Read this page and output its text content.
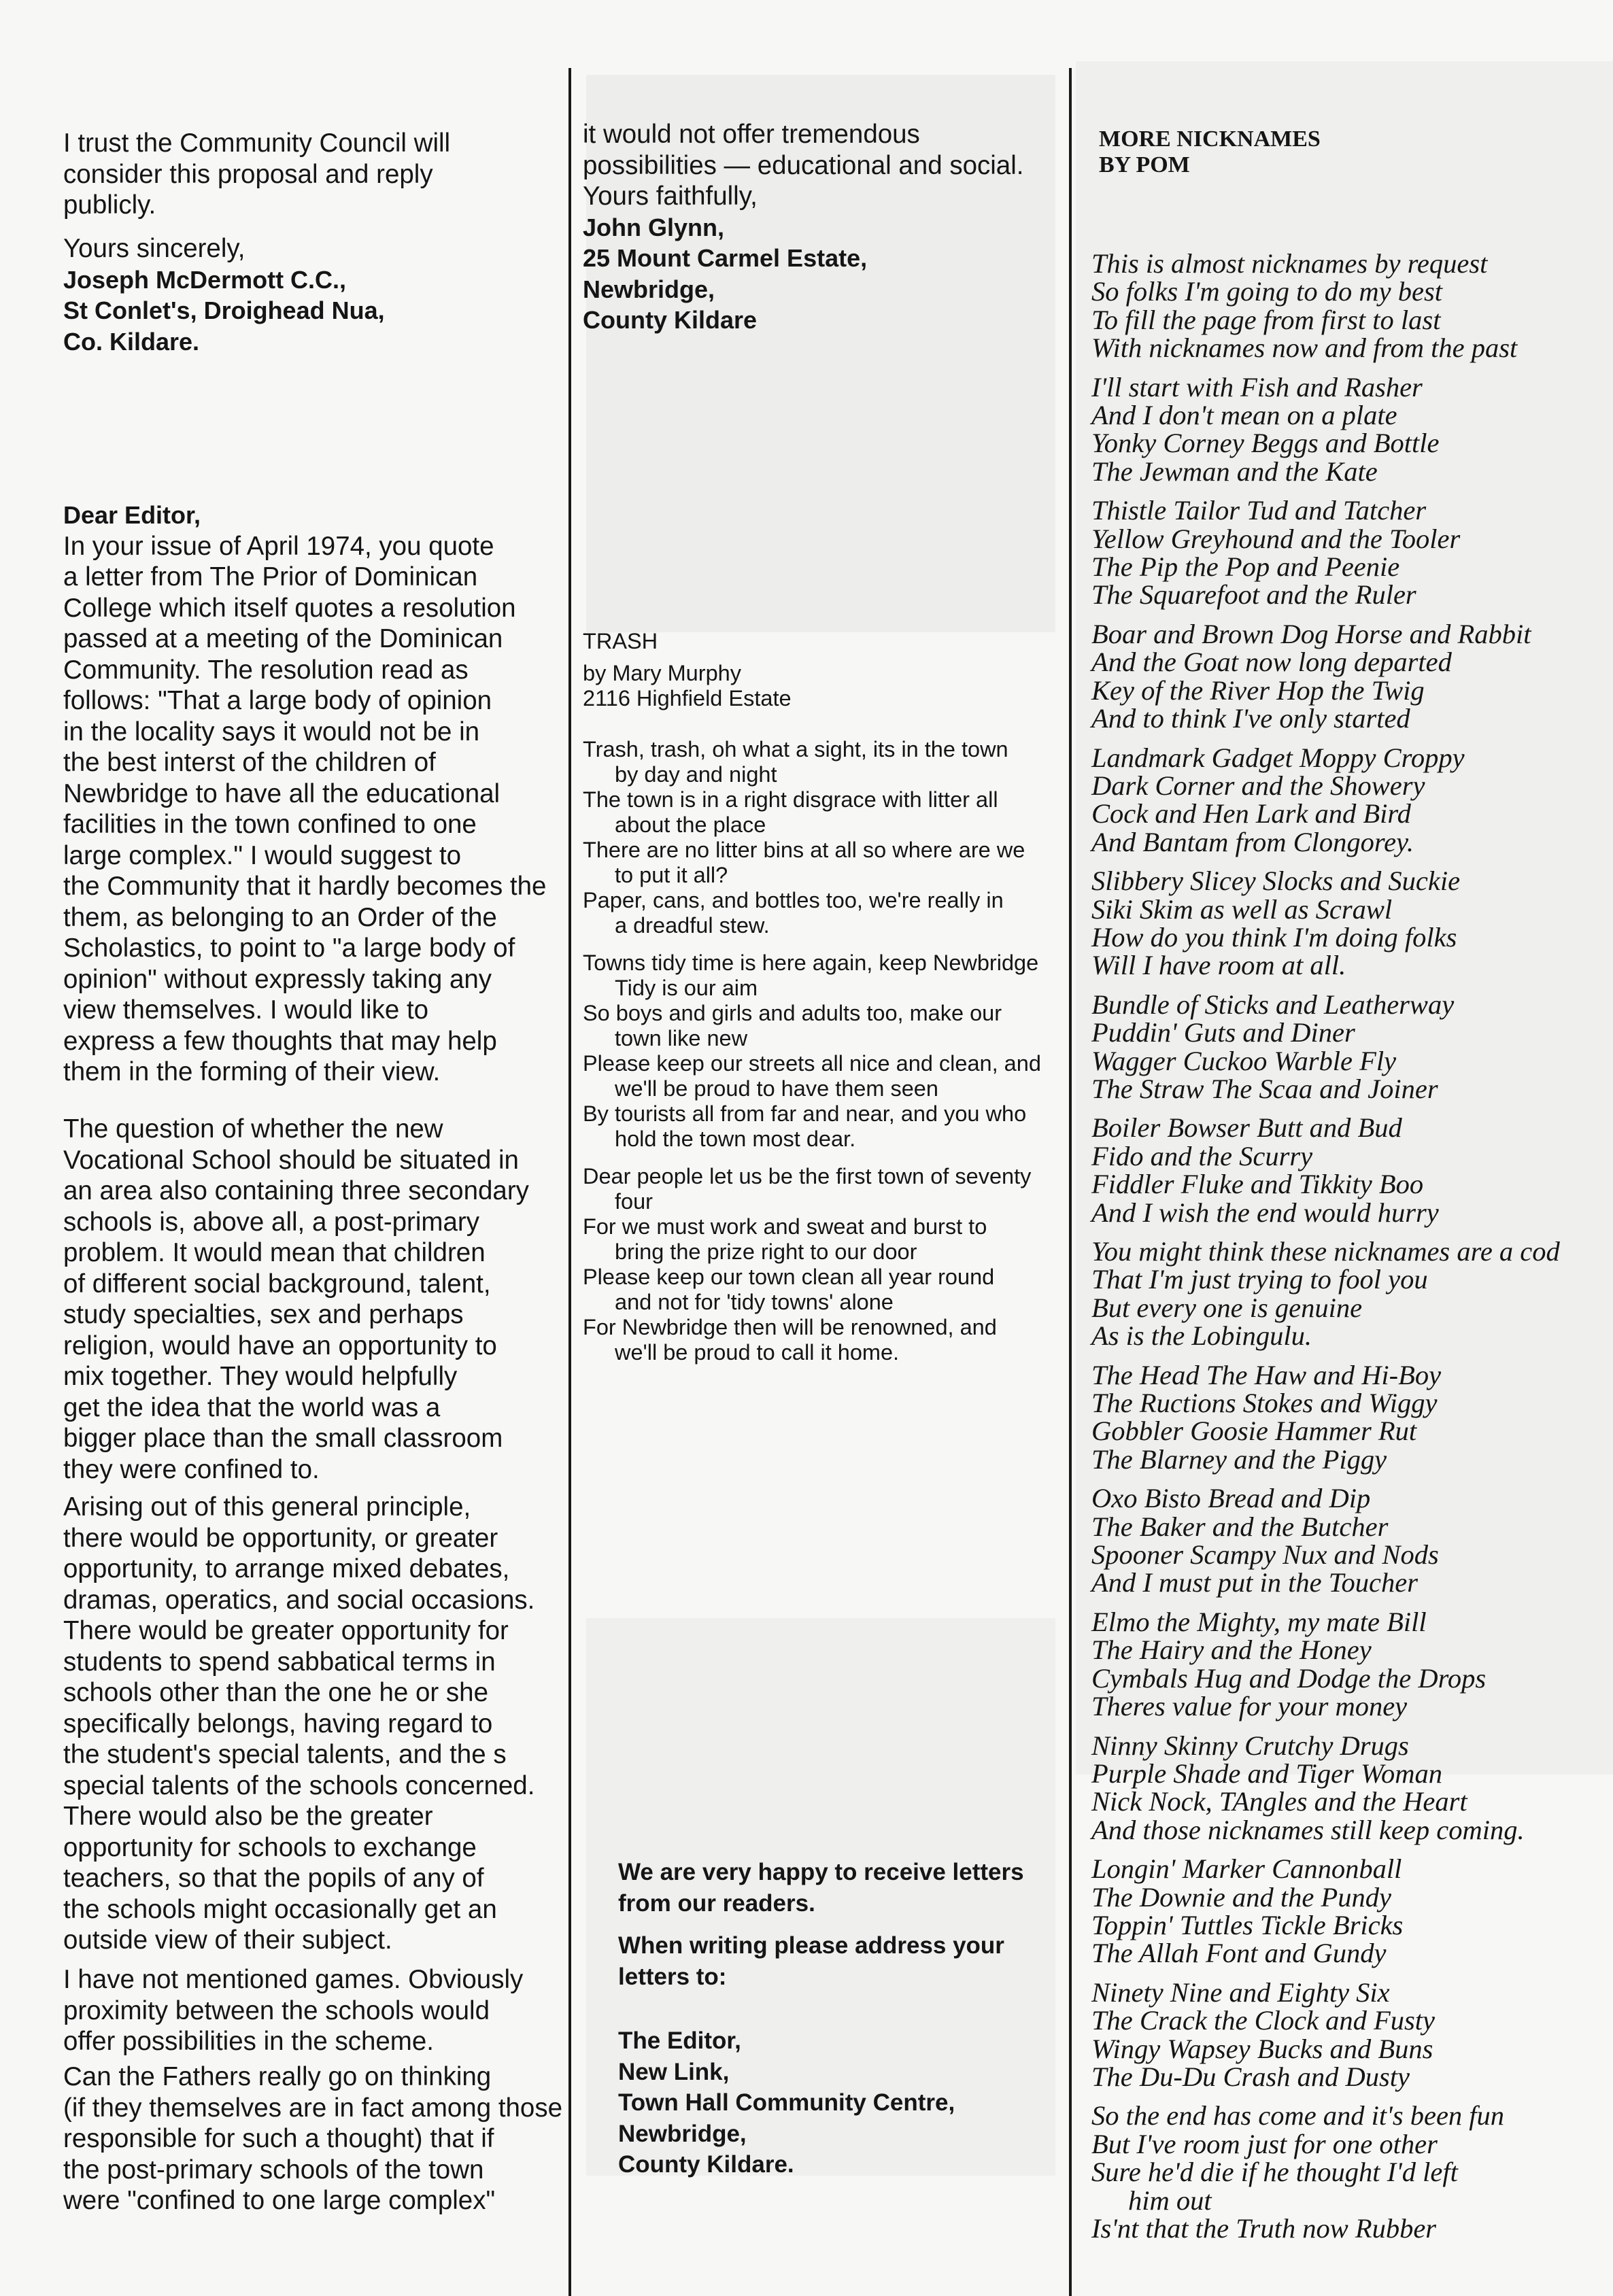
I trust the Community Council will
consider this proposal and reply
publicly.
Yours sincerely,
Joseph McDermott C.C.,
St Conlet's, Droighead Nua,
Co. Kildare.
Dear Editor,
In your issue of April 1974, you quote
a letter from The Prior of Dominican
College which itself quotes a resolution
passed at a meeting of the Dominican
Community. The resolution read as
follows: "That a large body of opinion
in the locality says it would not be in
the best interst of the children of
Newbridge to have all the educational
facilities in the town confined to one
large complex." I would suggest to
the Community that it hardly becomes the
them, as belonging to an Order of the
Scholastics, to point to "a large body of
opinion" without expressly taking any
view themselves. I would like to
express a few thoughts that may help
them in the forming of their view.
The question of whether the new
Vocational School should be situated in
an area also containing three secondary
schools is, above all, a post-primary
problem. It would mean that children
of different social background, talent,
study specialties, sex and perhaps
religion, would have an opportunity to
mix together. They would helpfully
get the idea that the world was a
bigger place than the small classroom
they were confined to.
Arising out of this general principle,
there would be opportunity, or greater
opportunity, to arrange mixed debates,
dramas, operatics, and social occasions.
There would be greater opportunity for
students to spend sabbatical terms in
schools other than the one he or she
specifically belongs, having regard to
the student's special talents, and the s
special talents of the schools concerned.
There would also be the greater
opportunity for schools to exchange
teachers, so that the popils of any of
the schools might occasionally get an
outside view of their subject.
I have not mentioned games. Obviously
proximity between the schools would
offer possibilities in the scheme.
Can the Fathers really go on thinking
(if they themselves are in fact among those
responsible for such a thought) that if
the post-primary schools of the town
were "confined to one large complex"
it would not offer tremendous
possibilities — educational and social.
Yours faithfully,
John Glynn,
25 Mount Carmel Estate,
Newbridge,
County Kildare
TRASH
by Mary Murphy
2116 Highfield Estate
Trash, trash, oh what a sight, its in the town
by day and night
The town is in a right disgrace with litter all
about the place
There are no litter bins at all so where are we
to put it all?
Paper, cans, and bottles too, we're really in
a dreadful stew.
Towns tidy time is here again, keep Newbridge
Tidy is our aim
So boys and girls and adults too, make our
town like new
Please keep our streets all nice and clean, and
we'll be proud to have them seen
By tourists all from far and near, and you who
hold the town most dear.
Dear people let us be the first town of seventy
four
For we must work and sweat and burst to
bring the prize right to our door
Please keep our town clean all year round
and not for 'tidy towns' alone
For Newbridge then will be renowned, and
we'll be proud to call it home.
We are very happy to receive letters
from our readers.
When writing please address your
letters to:
The Editor,
New Link,
Town Hall Community Centre,
Newbridge,
County Kildare.
MORE NICKNAMES
BY POM
This is almost nicknames by request
So folks I'm going to do my best
To fill the page from first to last
With nicknames now and from the past
I'll start with Fish and Rasher
And I don't mean on a plate
Yonky Corney Beggs and Bottle
The Jewman and the Kate
Thistle Tailor Tud and Tatcher
Yellow Greyhound and the Tooler
The Pip the Pop and Peenie
The Squarefoot and the Ruler
Boar and Brown Dog Horse and Rabbit
And the Goat now long departed
Key of the River Hop the Twig
And to think I've only started
Landmark Gadget Moppy Croppy
Dark Corner and the Showery
Cock and Hen Lark and Bird
And Bantam from Clongorey.
Slibbery Slicey Slocks and Suckie
Siki Skim as well as Scrawl
How do you think I'm doing folks
Will I have room at all.
Bundle of Sticks and Leatherway
Puddin' Guts and Diner
Wagger Cuckoo Warble Fly
The Straw The Scaa and Joiner
Boiler Bowser Butt and Bud
Fido and the Scurry
Fiddler Fluke and Tikkity Boo
And I wish the end would hurry
You might think these nicknames are a cod
That I'm just trying to fool you
But every one is genuine
As is the Lobingulu.
The Head The Haw and Hi-Boy
The Ructions Stokes and Wiggy
Gobbler Goosie Hammer Rut
The Blarney and the Piggy
Oxo Bisto Bread and Dip
The Baker and the Butcher
Spooner Scampy Nux and Nods
And I must put in the Toucher
Elmo the Mighty, my mate Bill
The Hairy and the Honey
Cymbals Hug and Dodge the Drops
Theres value for your money
Ninny Skinny Crutchy Drugs
Purple Shade and Tiger Woman
Nick Nock, TAngles and the Heart
And those nicknames still keep coming.
Longin' Marker Cannonball
The Downie and the Pundy
Toppin' Tuttles Tickle Bricks
The Allah Font and Gundy
Ninety Nine and Eighty Six
The Crack the Clock and Fusty
Wingy Wapsey Bucks and Buns
The Du-Du Crash and Dusty
So the end has come and it's been fun
But I've room just for one other
Sure he'd die if he thought I'd left
him out
Is'nt that the Truth now Rubber
